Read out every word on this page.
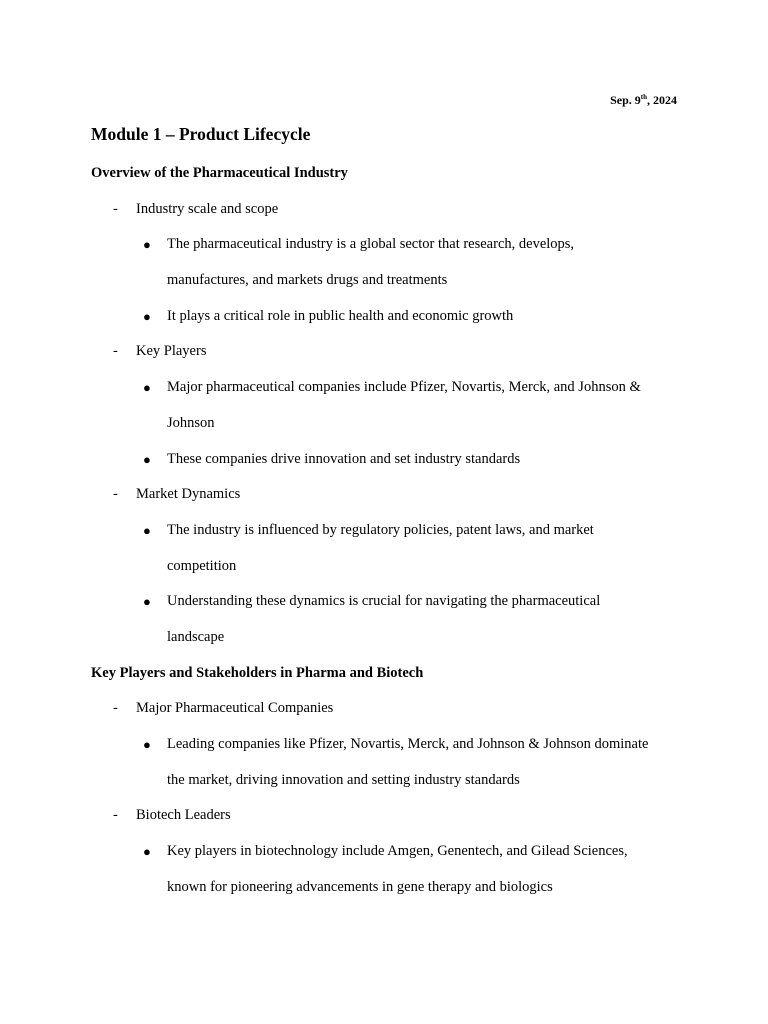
Sep. 9th, 2024
Module 1 – Product Lifecycle
Overview of the Pharmaceutical Industry
- Industry scale and scope
● The pharmaceutical industry is a global sector that research, develops,
manufactures, and markets drugs and treatments
● It plays a critical role in public health and economic growth
- Key Players
● Major pharmaceutical companies include Pfizer, Novartis, Merck, and Johnson &
Johnson
● These companies drive innovation and set industry standards
- Market Dynamics
● The industry is influenced by regulatory policies, patent laws, and market
competition
● Understanding these dynamics is crucial for navigating the pharmaceutical
landscape
Key Players and Stakeholders in Pharma and Biotech
- Major Pharmaceutical Companies
● Leading companies like Pfizer, Novartis, Merck, and Johnson & Johnson dominate
the market, driving innovation and setting industry standards
- Biotech Leaders
● Key players in biotechnology include Amgen, Genentech, and Gilead Sciences,
known for pioneering advancements in gene therapy and biologics
